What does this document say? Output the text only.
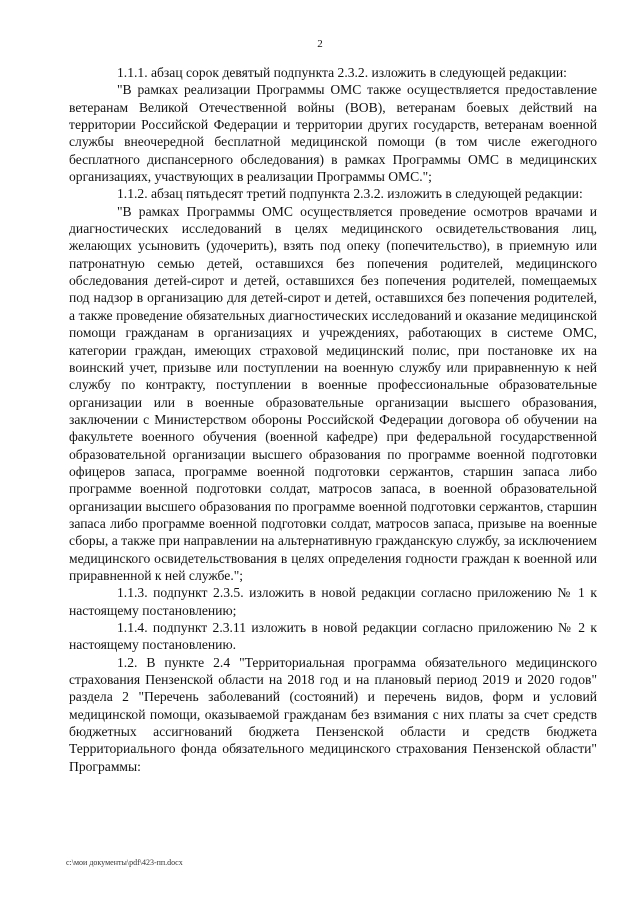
2

1.1.1. абзац сорок девятый подпункта 2.3.2. изложить в следующей редакции:

"В рамках реализации Программы ОМС также осуществляется предоставление ветеранам Великой Отечественной войны (ВОВ), ветеранам боевых действий на территории Российской Федерации и территории других государств, ветеранам военной службы внеочередной бесплатной медицинской помощи (в том числе ежегодного бесплатного диспансерного обследования) в рамках Программы ОМС в медицинских организациях, участвующих в реализации Программы ОМС.";

1.1.2. абзац пятьдесят третий подпункта 2.3.2. изложить в следующей редакции:

"В рамках Программы ОМС осуществляется проведение осмотров врачами и диагностических исследований в целях медицинского освидетельствования лиц, желающих усыновить (удочерить), взять под опеку (попечительство), в приемную или патронатную семью детей, оставшихся без попечения родителей, медицинского обследования детей-сирот и детей, оставшихся без попечения родителей, помещаемых под надзор в организацию для детей-сирот и детей, оставшихся без попечения родителей, а также проведение обязательных диагностических исследований и оказание медицинской помощи гражданам в организациях и учреждениях, работающих в системе ОМС, категории граждан, имеющих страховой медицинский полис, при постановке их на воинский учет, призыве или поступлении на военную службу или приравненную к ней службу по контракту, поступлении в военные профессиональные образовательные организации или в военные образовательные организации высшего образования, заключении с Министерством обороны Российской Федерации договора об обучении на факультете военного обучения (военной кафедре) при федеральной государственной образовательной организации высшего образования по программе военной подготовки офицеров запаса, программе военной подготовки сержантов, старшин запаса либо программе военной подготовки солдат, матросов запаса, в военной образовательной организации высшего образования по программе военной подготовки сержантов, старшин запаса либо программе военной подготовки солдат, матросов запаса, призыве на военные сборы, а также при направлении на альтернативную гражданскую службу, за исключением медицинского освидетельствования в целях определения годности граждан к военной или приравненной к ней службе.";

1.1.3. подпункт 2.3.5. изложить в новой редакции согласно приложению № 1 к настоящему постановлению;

1.1.4. подпункт 2.3.11 изложить в новой редакции согласно приложению № 2 к настоящему постановлению.

1.2. В пункте 2.4 "Территориальная программа обязательного медицинского страхования Пензенской области на 2018 год и на плановый период 2019 и 2020 годов" раздела 2 "Перечень заболеваний (состояний) и перечень видов, форм и условий медицинской помощи, оказываемой гражданам без взимания с них платы за счет средств бюджетных ассигнований бюджета Пензенской области и средств бюджета Территориального фонда обязательного медицинского страхования Пензенской области" Программы:

c:\мои документы\pdf\423-пп.docx
